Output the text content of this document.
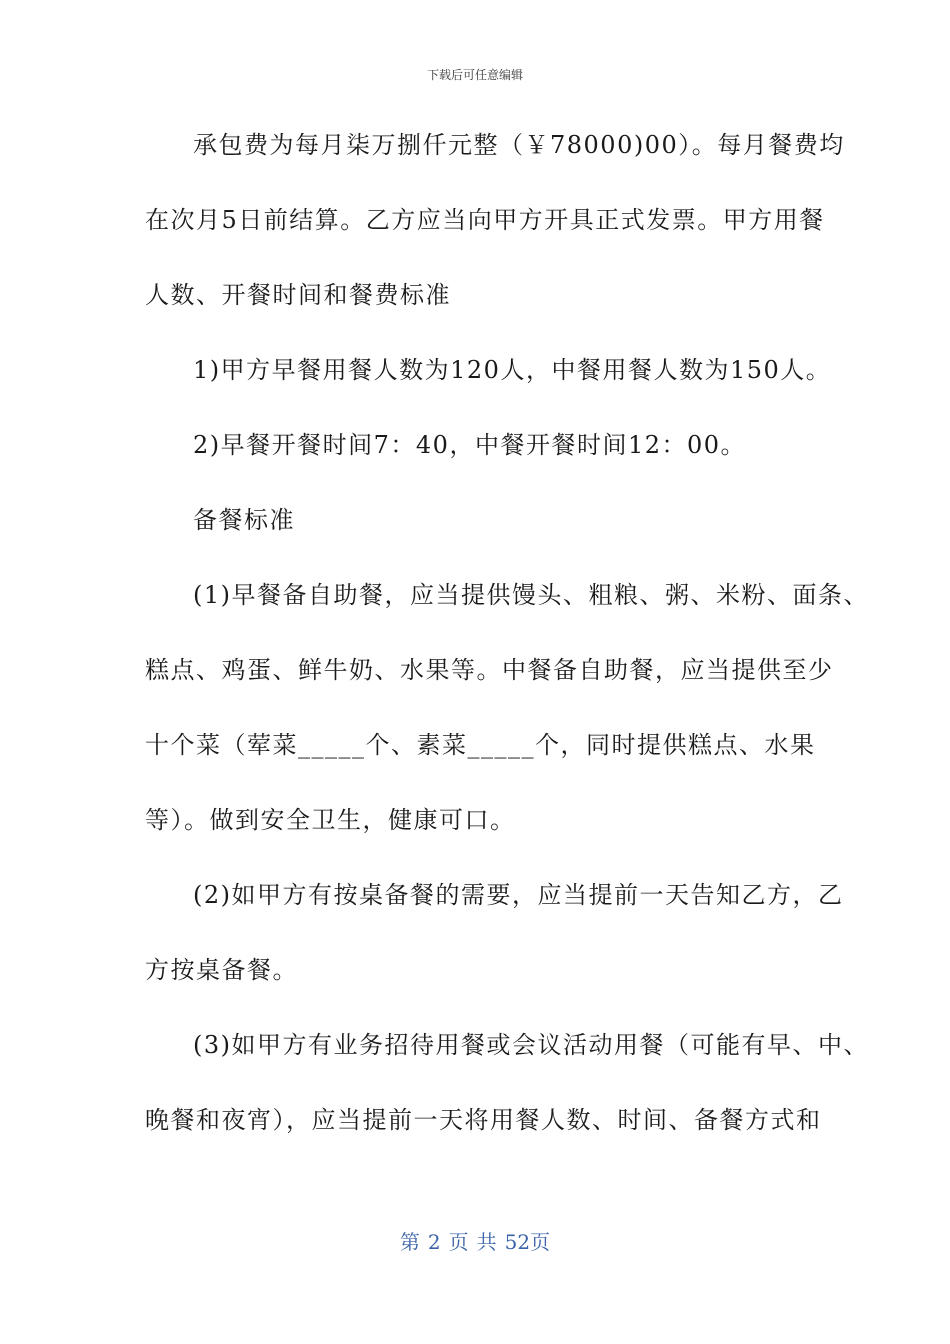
下载后可任意编辑
承包费为每月柒万捌仟元整（￥78000)00）。每月餐费均
在次月5日前结算。乙方应当向甲方开具正式发票。甲方用餐
人数、开餐时间和餐费标准
1)甲方早餐用餐人数为120人，中餐用餐人数为150人。
2)早餐开餐时间7：40，中餐开餐时间12：00。
备餐标准
(1)早餐备自助餐，应当提供馒头、粗粮、粥、米粉、面条、
糕点、鸡蛋、鲜牛奶、水果等。中餐备自助餐，应当提供至少
十个菜（荤菜_____个、素菜_____个，同时提供糕点、水果
等）。做到安全卫生，健康可口。
(2)如甲方有按桌备餐的需要，应当提前一天告知乙方，乙
方按桌备餐。
(3)如甲方有业务招待用餐或会议活动用餐（可能有早、中、
晚餐和夜宵），应当提前一天将用餐人数、时间、备餐方式和
第 2 页 共 52页
